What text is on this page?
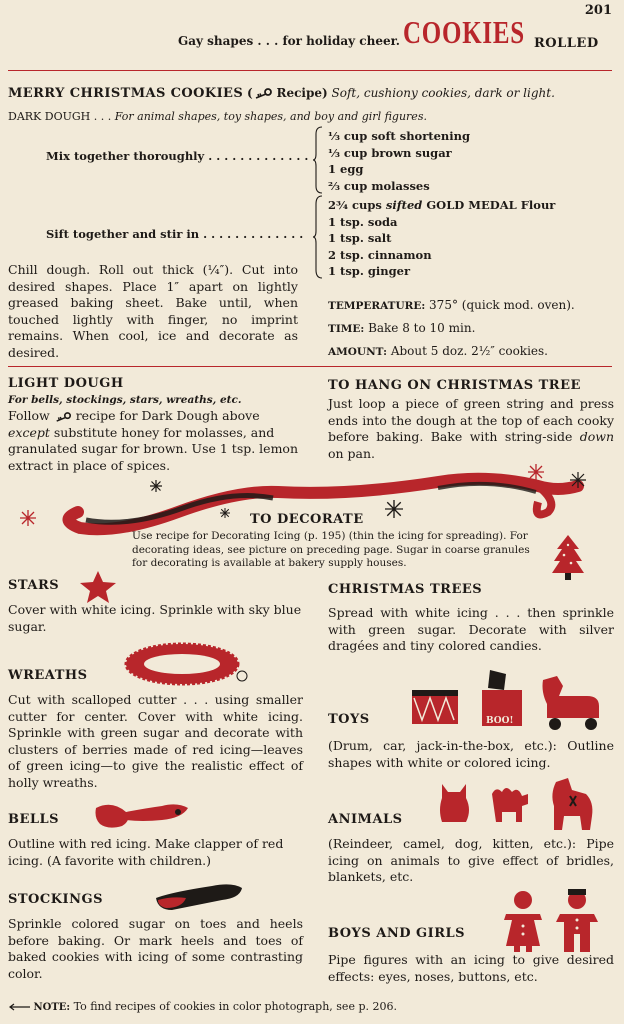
201
Gay shapes . . . for holiday cheer. COOKIES ROLLED
MERRY CHRISTMAS COOKIES ( Recipe) Soft, cushiony cookies, dark or light.
DARK DOUGH . . . For animal shapes, toy shapes, and boy and girl figures.
Mix together thoroughly . . . . . . . . . . . . .
⅓ cup soft shortening
⅓ cup brown sugar
1 egg
⅔ cup molasses
Sift together and stir in . . . . . . . . . . . . .
2¾ cups sifted GOLD MEDAL Flour
1 tsp. soda
1 tsp. salt
2 tsp. cinnamon
1 tsp. ginger
Chill dough. Roll out thick (¼″). Cut into desired shapes. Place 1″ apart on lightly greased baking sheet. Bake until, when touched lightly with finger, no imprint remains. When cool, ice and decorate as desired.
TEMPERATURE: 375° (quick mod. oven).
TIME: Bake 8 to 10 min.
AMOUNT: About 5 doz. 2½″ cookies.
LIGHT DOUGH
For bells, stockings, stars, wreaths, etc.
Follow
recipe for Dark Dough above except substitute honey for molasses, and granulated sugar for brown. Use 1 tsp. lemon extract in place of spices.
TO HANG ON CHRISTMAS TREE
Just loop a piece of green string and press ends into the dough at the top of each cooky before baking. Bake with string-side down on pan.
TO DECORATE
Use recipe for Decorating Icing (p. 195) (thin the icing for spreading). For decorating ideas, see picture on preceding page. Sugar in coarse granules for decorating is available at bakery supply houses.
STARS
Cover with white icing. Sprinkle with sky blue sugar.
WREATHS
Cut with scalloped cutter . . . using smaller cutter for center. Cover with white icing. Sprinkle with green sugar and decorate with clusters of berries made of red icing—leaves of green icing—to give the realistic effect of holly wreaths.
BELLS
Outline with red icing. Make clapper of red icing. (A favorite with children.)
STOCKINGS
Sprinkle colored sugar on toes and heels before baking. Or mark heels and toes of baked cookies with icing of some contrasting color.
CHRISTMAS TREES
Spread with white icing . . . then sprinkle with green sugar. Decorate with silver dragées and tiny colored candies.
BOO!
TOYS
(Drum, car, jack-in-the-box, etc.): Outline shapes with white or colored icing.
ANIMALS
(Reindeer, camel, dog, kitten, etc.): Pipe icing on animals to give effect of bridles, blankets, etc.
BOYS AND GIRLS
Pipe figures with an icing to give desired effects: eyes, noses, buttons, etc.
NOTE: To find recipes of cookies in color photograph, see p. 206.
